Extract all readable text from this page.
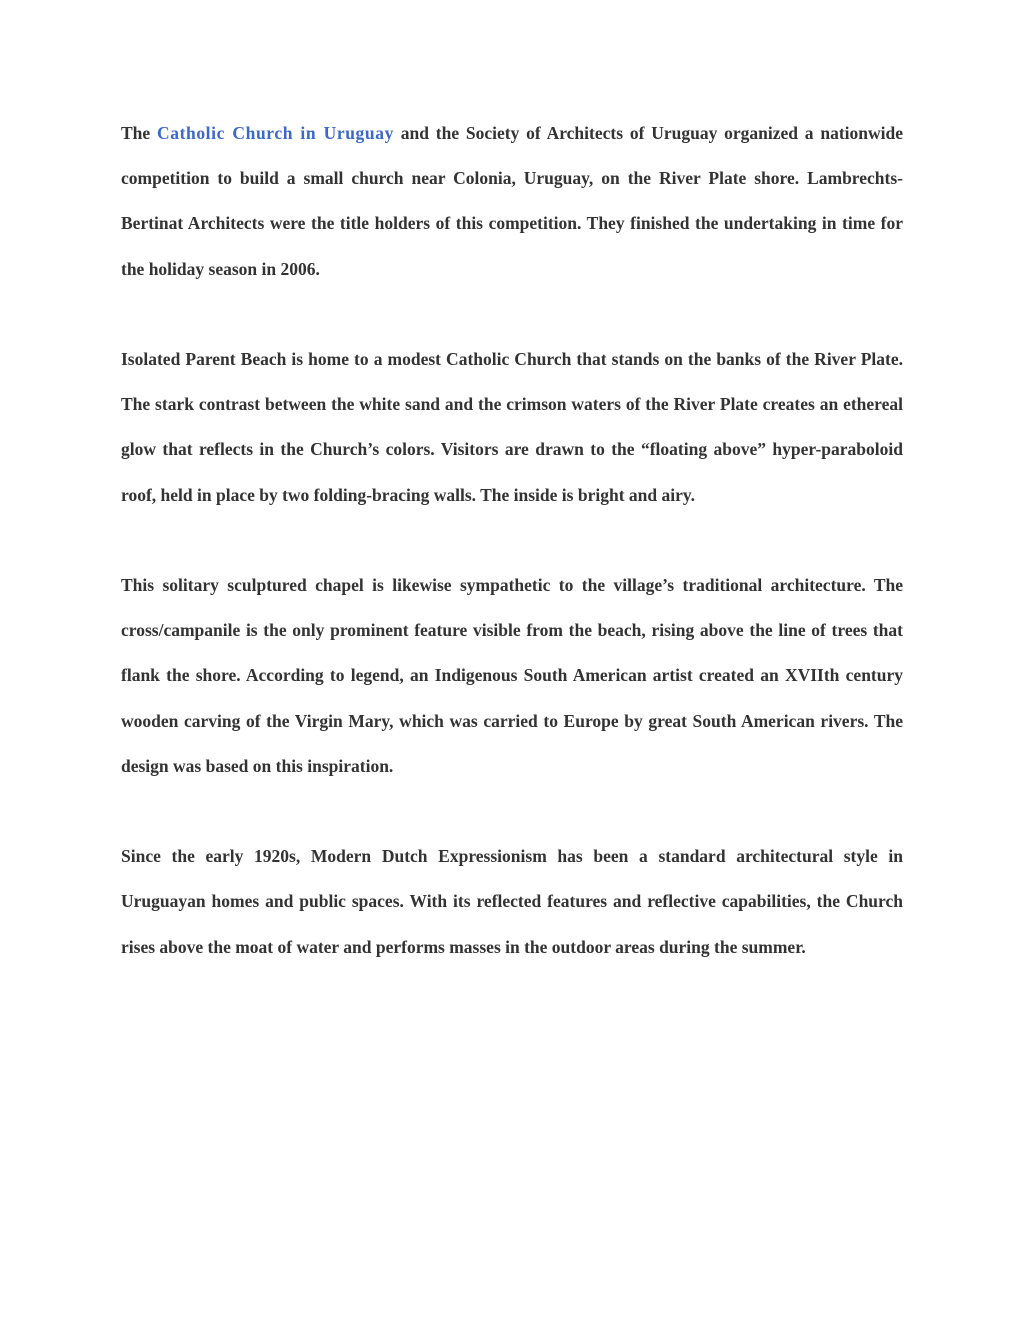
The Catholic Church in Uruguay and the Society of Architects of Uruguay organized a nationwide competition to build a small church near Colonia, Uruguay, on the River Plate shore. Lambrechts-Bertinat Architects were the title holders of this competition. They finished the undertaking in time for the holiday season in 2006.

Isolated Parent Beach is home to a modest Catholic Church that stands on the banks of the River Plate. The stark contrast between the white sand and the crimson waters of the River Plate creates an ethereal glow that reflects in the Church’s colors. Visitors are drawn to the “floating above” hyper-paraboloid roof, held in place by two folding-bracing walls. The inside is bright and airy.

This solitary sculptured chapel is likewise sympathetic to the village’s traditional architecture. The cross/campanile is the only prominent feature visible from the beach, rising above the line of trees that flank the shore. According to legend, an Indigenous South American artist created an XVIIth century wooden carving of the Virgin Mary, which was carried to Europe by great South American rivers. The design was based on this inspiration.

Since the early 1920s, Modern Dutch Expressionism has been a standard architectural style in Uruguayan homes and public spaces. With its reflected features and reflective capabilities, the Church rises above the moat of water and performs masses in the outdoor areas during the summer.
